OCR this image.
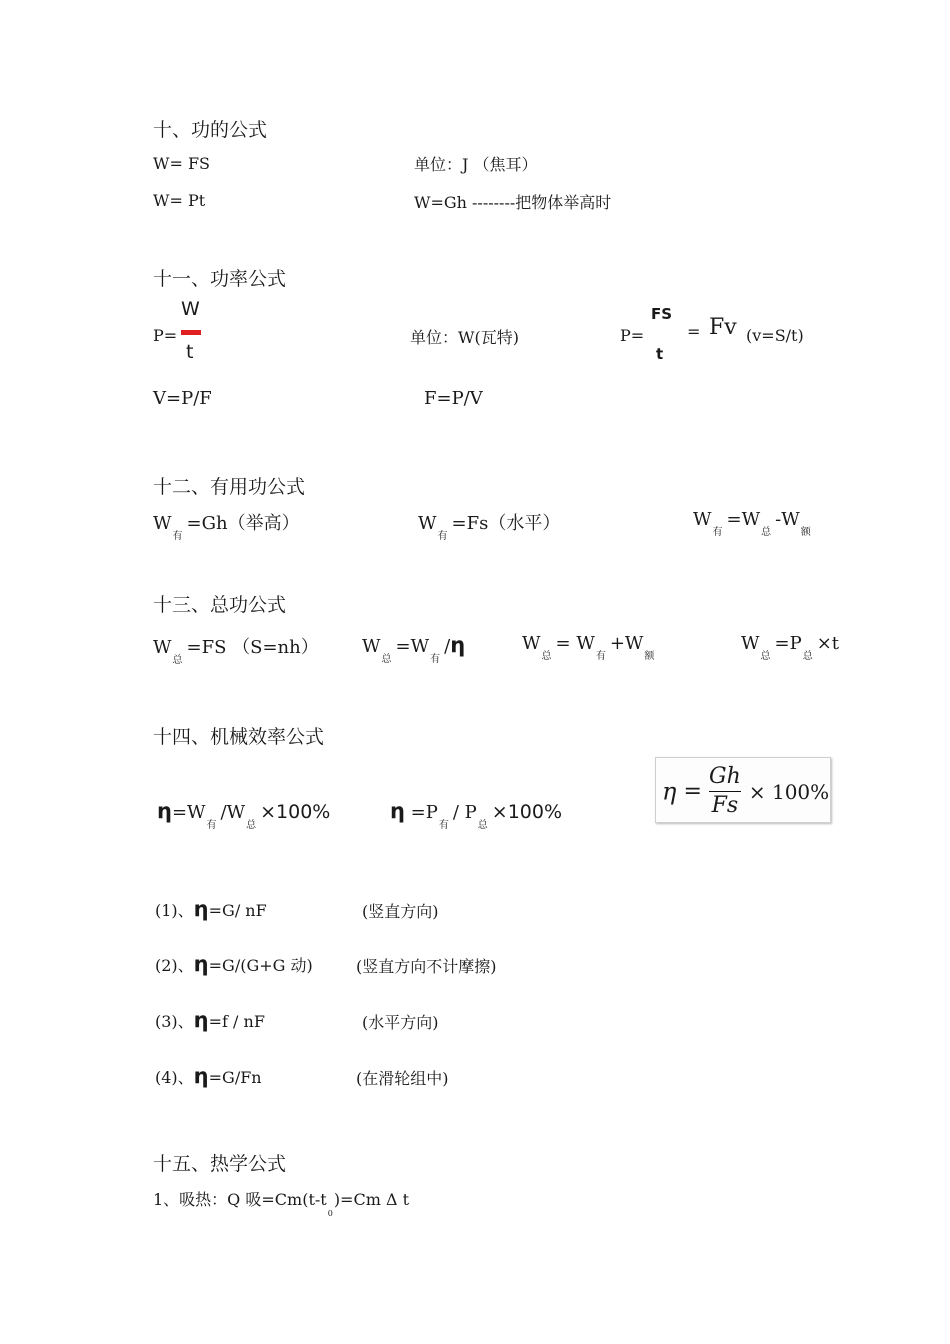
十、功的公式
W= FS	单位：J （焦耳）
W= Pt	W=Gh --------把物体举高时
十一、功率公式
P=
W
t
单位：W(瓦特)	P=
FS
t
= Fv (v=S/t)
V=P/F	F=P/V
十二、有用功公式
$W_有=Gh$（举高）	$W_有=Fs$（水平）	$W_有=W_总-W_额$
十三、总功公式
$W_总=FS$ （S=nh） $W_总=W_有/\eta$	$W_总= W_有+W_额$
$W_总=P_总\times t$
十四、机械效率公式
$\eta=W_有/W_总\times 100\%$	$\eta =P_有/$ $P_总\times 100\%$
$\eta = \frac{Gh}{Fs} \times 100\%$
(1)、η=G/ nF	(竖直方向)
(2)、η=G/(G+G 动)	(竖直方向不计摩擦)
(3)、η=f / nF	(水平方向)
(4)、η=G/Fn	(在滑轮组中)
十五、热学公式
1、吸热：Q 吸$=Cm(t-t_0)=Cm$ Δ t
